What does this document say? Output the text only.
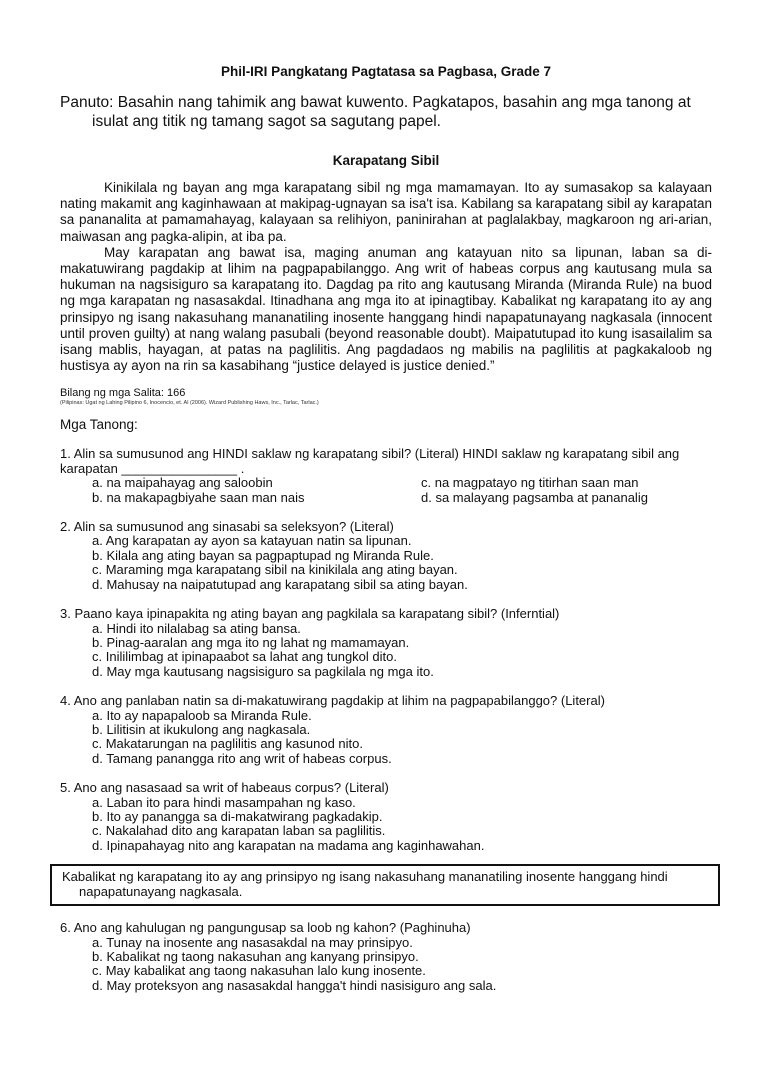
Phil-IRI Pangkatang Pagtatasa sa Pagbasa, Grade 7
Panuto: Basahin nang tahimik ang bawat kuwento. Pagkatapos, basahin ang mga tanong at
isulat ang titik ng tamang sagot sa sagutang papel.
Karapatang Sibil

Kinikilala ng bayan ang mga karapatang sibil ng mga mamamayan. Ito ay sumasakop sa kalayaan nating makamit ang kaginhawaan at makipag-ugnayan sa isa't isa. Kabilang sa karapatang sibil ay karapatan sa pananalita at pamamahayag, kalayaan sa relihiyon, paninirahan at paglalakbay, magkaroon ng ari-arian, maiwasan ang pagka-alipin, at iba pa.

May karapatan ang bawat isa, maging anuman ang katayuan nito sa lipunan, laban sa di-makatuwirang pagdakip at lihim na pagpapabilanggo. Ang writ of habeas corpus ang kautusang mula sa hukuman na nagsisiguro sa karapatang ito. Dagdag pa rito ang kautusang Miranda (Miranda Rule) na buod ng mga karapatan ng nasasakdal. Itinadhana ang mga ito at ipinagtibay. Kabalikat ng karapatang ito ay ang prinsipyo ng isang nakasuhang mananatiling inosente hanggang hindi napapatunayang nagkasala (innocent until proven guilty) at nang walang pasubali (beyond reasonable doubt). Maipatutupad ito kung isasailalim sa isang mablis, hayagan, at patas na paglilitis. Ang pagdadaos ng mabilis na paglilitis at pagkakaloob ng hustisya ay ayon na rin sa kasabihang “justice delayed is justice denied.”

Bilang ng mga Salita: 166
(Pilipinas: Ugat ng Lahing Pilipino 6, Inocencio, et. Al (2006). Wizard Publishing Haws, Inc., Tarlac, Tarlac.)
Mga Tanong:
1. Alin sa sumusunod ang HINDI saklaw ng karapatang sibil? (Literal) HINDI saklaw ng karapatang sibil ang karapatan ________________ .
a. na maipahayag ang saloobin	c. na magpatayo ng titirhan saan man
b. na makapagbiyahe saan man nais	d. sa malayang pagsamba at pananalig
2. Alin sa sumusunod ang sinasabi sa seleksyon? (Literal)
a. Ang karapatan ay ayon sa katayuan natin sa lipunan.
b. Kilala ang ating bayan sa pagpaptupad ng Miranda Rule.
c. Maraming mga karapatang sibil na kinikilala ang ating bayan.
d. Mahusay na naipatutupad ang karapatang sibil sa ating bayan.
3. Paano kaya ipinapakita ng ating bayan ang pagkilala sa karapatang sibil? (Inferntial)
a. Hindi ito nilalabag sa ating bansa.
b. Pinag-aaralan ang mga ito ng lahat ng mamamayan.
c. Inililimbag at ipinapaabot sa lahat ang tungkol dito.
d. May mga kautusang nagsisiguro sa pagkilala ng mga ito.
4. Ano ang panlaban natin sa di-makatuwirang pagdakip at lihim na pagpapabilanggo? (Literal)
a. Ito ay napapaloob sa Miranda Rule.
b. Lilitisin at ikukulong ang nagkasala.
c. Makatarungan na paglilitis ang kasunod nito.
d. Tamang panangga rito ang writ of habeas corpus.
5. Ano ang nasasaad sa writ of habeaus corpus? (Literal)
a. Laban ito para hindi masampahan ng kaso.
b. Ito ay panangga sa di-makatwirang pagkadakip.
c. Nakalahad dito ang karapatan laban sa paglilitis.
d. Ipinapahayag nito ang karapatan na madama ang kaginhawahan.
Kabalikat ng karapatang ito ay ang prinsipyo ng isang nakasuhang mananatiling inosente hanggang hindi
napapatunayang nagkasala.
6. Ano ang kahulugan ng pangungusap sa loob ng kahon? (Paghinuha)
a. Tunay na inosente ang nasasakdal na may prinsipyo.
b. Kabalikat ng taong nakasuhan ang kanyang prinsipyo.
c. May kabalikat ang taong nakasuhan lalo kung inosente.
d. May proteksyon ang nasasakdal hangga't hindi nasisiguro ang sala.
